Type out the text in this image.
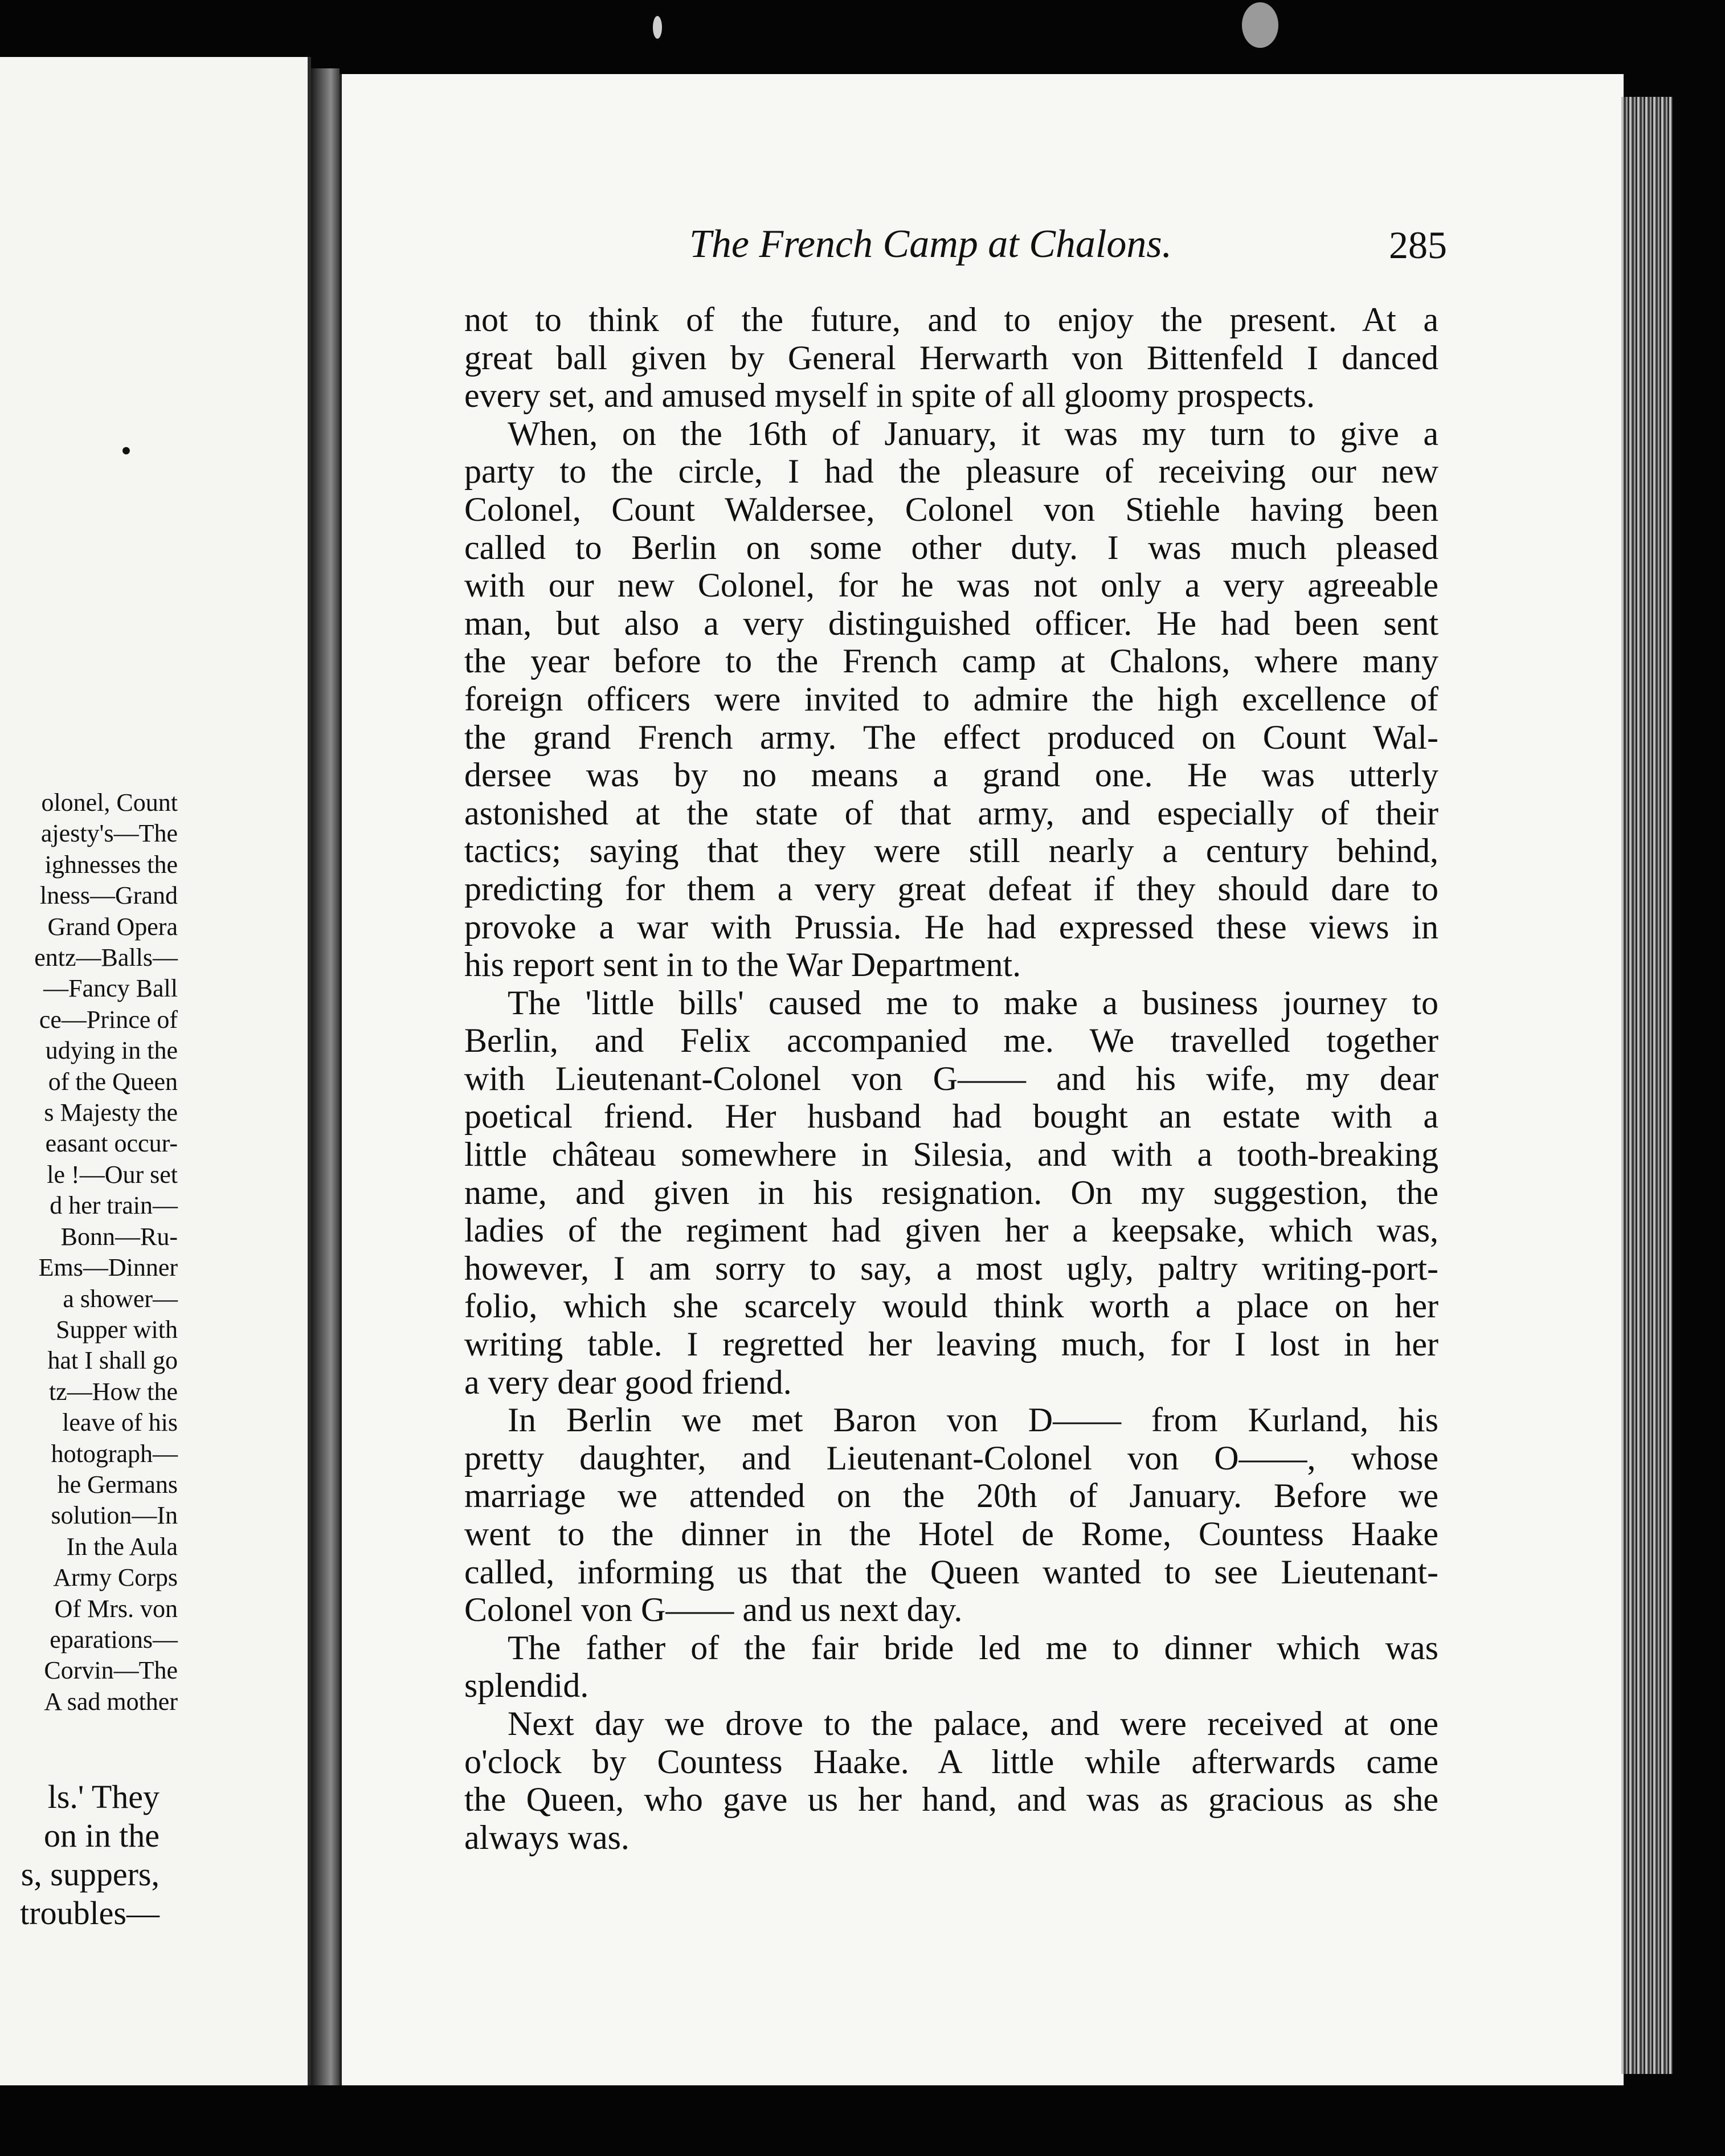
•
olonel, Count
ajesty's—The
ighnesses the
lness—Grand
Grand Opera
entz—Balls—
—Fancy Ball
ce—Prince of
udying in the
of the Queen
s Majesty the
easant occur-
le !—Our set
d her train—
Bonn—Ru-
Ems—Dinner
a shower—
Supper with
hat I shall go
tz—How the
leave of his
hotograph—
he Germans
solution—In
In the Aula
Army Corps
Of Mrs. von
eparations—
Corvin—The
A sad mother
ls.' They
on in the
s, suppers,
troubles—
The French Camp at Chalons.	285
not to think of the future, and to enjoy the present. At a
great ball given by General Herwarth von Bittenfeld I danced
every set, and amused myself in spite of all gloomy prospects.
When, on the 16th of January, it was my turn to give a
party to the circle, I had the pleasure of receiving our new
Colonel, Count Waldersee, Colonel von Stiehle having been
called to Berlin on some other duty. I was much pleased
with our new Colonel, for he was not only a very agreeable
man, but also a very distinguished officer. He had been sent
the year before to the French camp at Chalons, where many
foreign officers were invited to admire the high excellence of
the grand French army. The effect produced on Count Wal-
dersee was by no means a grand one. He was utterly
astonished at the state of that army, and especially of their
tactics; saying that they were still nearly a century behind,
predicting for them a very great defeat if they should dare to
provoke a war with Prussia. He had expressed these views in
his report sent in to the War Department.
The 'little bills' caused me to make a business journey to
Berlin, and Felix accompanied me. We travelled together
with Lieutenant-Colonel von G—— and his wife, my dear
poetical friend. Her husband had bought an estate with a
little château somewhere in Silesia, and with a tooth-breaking
name, and given in his resignation. On my suggestion, the
ladies of the regiment had given her a keepsake, which was,
however, I am sorry to say, a most ugly, paltry writing-port-
folio, which she scarcely would think worth a place on her
writing table. I regretted her leaving much, for I lost in her
a very dear good friend.
In Berlin we met Baron von D—— from Kurland, his
pretty daughter, and Lieutenant-Colonel von O——, whose
marriage we attended on the 20th of January. Before we
went to the dinner in the Hotel de Rome, Countess Haake
called, informing us that the Queen wanted to see Lieutenant-
Colonel von G—— and us next day.
The father of the fair bride led me to dinner which was
splendid.
Next day we drove to the palace, and were received at one
o'clock by Countess Haake. A little while afterwards came
the Queen, who gave us her hand, and was as gracious as she
always was.
